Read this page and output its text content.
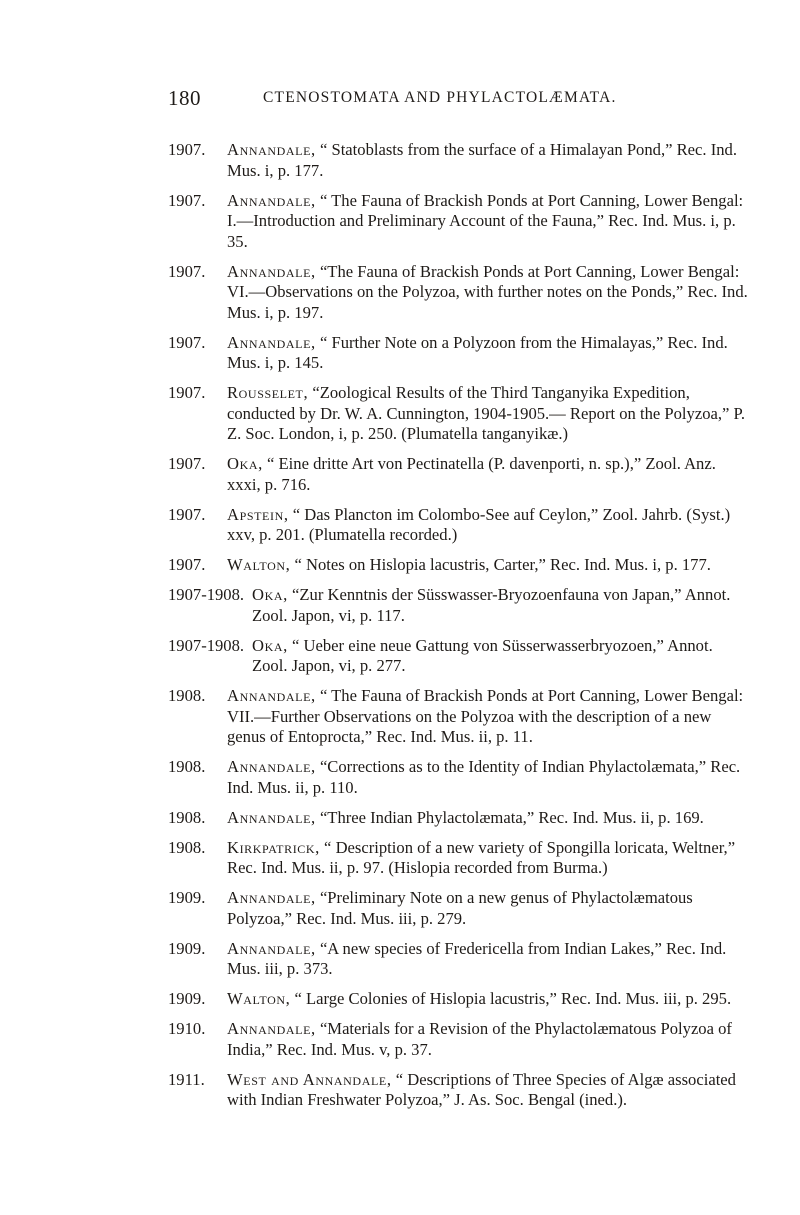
180	CTENOSTOMATA AND PHYLACTOLÆMATA.
1907. Annandale, “ Statoblasts from the surface of a Himalayan Pond,” Rec. Ind. Mus. i, p. 177.
1907. Annandale, “ The Fauna of Brackish Ponds at Port Canning, Lower Bengal: I.—Introduction and Preliminary Account of the Fauna,” Rec. Ind. Mus. i, p. 35.
1907. Annandale, “The Fauna of Brackish Ponds at Port Canning, Lower Bengal: VI.—Observations on the Polyzoa, with further notes on the Ponds,” Rec. Ind. Mus. i, p. 197.
1907. Annandale, “ Further Note on a Polyzoon from the Himalayas,” Rec. Ind. Mus. i, p. 145.
1907. Rousselet, “Zoological Results of the Third Tanganyika Expedition, conducted by Dr. W. A. Cunnington, 1904-1905.— Report on the Polyzoa,” P. Z. Soc. London, i, p. 250. (Plumatella tanganyikæ.)
1907. Oka, “ Eine dritte Art von Pectinatella (P. davenporti, n. sp.),” Zool. Anz. xxxi, p. 716.
1907. Apstein, “ Das Plancton im Colombo-See auf Ceylon,” Zool. Jahrb. (Syst.) xxv, p. 201. (Plumatella recorded.)
1907. Walton, “ Notes on Hislopia lacustris, Carter,” Rec. Ind. Mus. i, p. 177.
1907-1908. Oka, “Zur Kenntnis der Süsswasser-Bryozoenfauna von Japan,” Annot. Zool. Japon, vi, p. 117.
1907-1908. Oka, “ Ueber eine neue Gattung von Süsserwasserbryozoen,” Annot. Zool. Japon, vi, p. 277.
1908. Annandale, “ The Fauna of Brackish Ponds at Port Canning, Lower Bengal: VII.—Further Observations on the Polyzoa with the description of a new genus of Entoprocta,” Rec. Ind. Mus. ii, p. 11.
1908. Annandale, “Corrections as to the Identity of Indian Phylactolæmata,” Rec. Ind. Mus. ii, p. 110.
1908. Annandale, “Three Indian Phylactolæmata,” Rec. Ind. Mus. ii, p. 169.
1908. Kirkpatrick, “ Description of a new variety of Spongilla loricata, Weltner,” Rec. Ind. Mus. ii, p. 97. (Hislopia recorded from Burma.)
1909. Annandale, “Preliminary Note on a new genus of Phylactolæmatous Polyzoa,” Rec. Ind. Mus. iii, p. 279.
1909. Annandale, “A new species of Fredericella from Indian Lakes,” Rec. Ind. Mus. iii, p. 373.
1909. Walton, “ Large Colonies of Hislopia lacustris,” Rec. Ind. Mus. iii, p. 295.
1910. Annandale, “Materials for a Revision of the Phylactolæmatous Polyzoa of India,” Rec. Ind. Mus. v, p. 37.
1911. West and Annandale, “ Descriptions of Three Species of Algæ associated with Indian Freshwater Polyzoa,” J. As. Soc. Bengal (ined.).
